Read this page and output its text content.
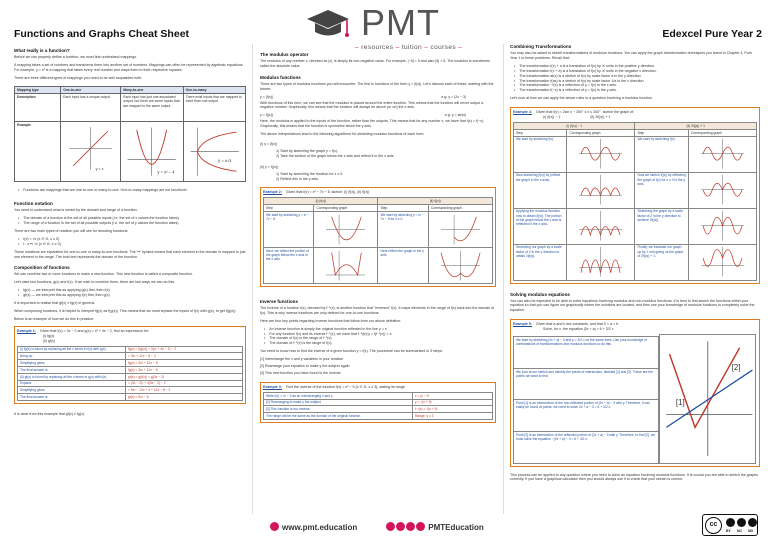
Functions and Graphs Cheat Sheet	Edexcel Pure Year 2
PMT
– resources – tuition – courses –
What really is a function?
Before we can properly define a function, we must first understand mappings.
A mapping takes a set of numbers and transforms them into another set of numbers. Mappings can often be represented by algebraic equations. For example, y = x² is a mapping that takes every real number and maps them to their respective squares.
There are three different types of mappings you need to be well acquainted with:
Mapping type	One-to-one	Many-to-one	One-to-many
Description	Each input has a unique output	Each input has just one associated output, but there are some inputs that are mapped to the same output.	There exist inputs that are mapped to more than one output
Example	y = x	y = x² − 4	y = ±√x
• Functions are mappings that are one-to-one or many-to-one. One-to-many mappings are not functions!
Function notation
You need to understand what is meant by the domain and range of a function:
• The domain of a function is the set of all possible inputs (i.e. the set of x values the function takes)
• The range of a function is the set of all possible outputs (i.e. the set of y values the function takes)
There are two main types of notation you will see for denoting functions:
• f(x) = √x {x ∈ ℝ, x ≥ 0}
• f : x ↦ √x {x ∈ ℝ, x ≥ 0}
These notations are equivalent for one-to-one or many-to-one functions. The '↦' symbol means that each element in the domain is mapped to just one element in the range. The bold text represents the domain of the function.
Composition of functions
We can combine two or more functions to make a new function. This new function is called a composite function.
Let's take two functions, g(x) and f(x). If we wish to combine them, there are two ways we can do this:
• fg(x) — we interpret this as applying g(x) first, then f(x)
• gf(x) — we interpret this as applying f(x) first, then g(x)
It is important to realise that gf(x) ≠ fg(x) in general.
When composing functions, it is helpful to interpret fg(x) as f(g(x)). This means that we must replace the inputs of f(x) with g(x), to get f(g(x)).
Below is an example of how we do this in practice:
Example 1: Given that f(x) = 3x − 2 and g(x) = x² + 4x − 2, find an expression for:
(i) fg(x)
(ii) gf(x)
(i) fg(x) is found by replacing all the x terms in f(x) with g(x).	fg(x) = f(g(x)) = 3(x² + 4x − 2) − 2
Bring up	= 3x² + 12x − 6 − 2
Simplifying gives	fg(x) = 3x² + 12x − 8
The final answer is	fg(x) = 3x² + 12x − 8
(ii) gf(x) is found by replacing all the x terms in g(x) with f(x).	gf(x) = g(f(x)) = g(3x − 2)
Expand	= (3x − 2)² + 4(3x − 2) − 2
Simplifying gives	= 9x² − 12x + 4 + 12x − 8 − 2
The final answer is	gf(x) = 9x² − 6
It is clear from this example that gf(x) ≠ fg(x).
The modulus operator
The modulus of any number x, denoted as |x|, is simply its non-negative value. For example, |−5| = 5 and also |5| = 5. The modulus is sometimes called the absolute value.
Modulus functions
There are two types of modulus functions you will encounter. The first is functions of the form y = |f(x)|. Let's discuss each of these, starting with the former.
y = |f(x)|	e.g. y = |2x − 3|
With functions of this form, we can see that the modulus is placed around the entire function. This means that the function will never output a negative number. Graphically, this means that the function will always be above (or on) the x axis.
y = f(|x|)	e.g. y = sin|x|
Here, the modulus is applied to the inputs of the function, rather than the outputs. This means that for any number x, we have that f(x) = f(−x). Graphically, this means that the function is symmetric about the y axis.
The above interpretations lead to the following algorithms for sketching modulus functions of each form:
(i) y = |f(x)|
1) Start by sketching the graph y = f(x).
2) Take the section of the graph below the x axis and reflect it in the x axis.
(ii) y = f(|x|)
1) Start by sketching the function for x ≥ 0.
2) Reflect this in the y axis.
Example 2: Given that f(x) = x² − 7x − 8, sketch: (i) |f(x)|, (ii) f(|x|)
(i) |f(x)|		(ii) f(|x|)	
Step	Corresponding graph	Step	Corresponding graph
We start by sketching y = x² − 7x − 8		We start by sketching y = x² − 7x − 8 for x ≥ 0.	

Next, we reflect the portion of the graph below the x axis in the x axis.		Here reflect the graph in the y axis.	
Inverse functions
The inverse of a function f(x), denoted by f⁻¹(x), is another function that "reverses" f(x). It maps elements in the range of f(x) back into the domain of f(x). This is why inverse functions are only defined for one-to-one functions.
Here are four key points regarding inverse functions that follow from our above definition:
• An inverse function is simply the original function reflected in the line y = x.
• For any function f(x) and its inverse f⁻¹(x), we have that f⁻¹(f(x)) = f(f⁻¹(x)) = x.
• The domain of f(x) is the range of f⁻¹(x).
• The domain of f⁻¹(x) is the range of f(x).
You need to know how to find the inverse of a given function y = f(x). The procedure can be summarised in 3 steps:
[1] Interchange the x and y variables in your function
[2] Rearrange your equation to make y the subject again
[3] This new function you have found is the inverse
Example 3: Find the inverse of the function f(x) = x² − 9 {x ∈ ℝ, x ≥ 3}, stating its range.
Write f(x) = x² − 9 as an interchanging x and y	x = y² − 9
[2] Rearranging to make y the subject	y = √(x + 9)
[3] This function is our inverse	f⁻¹(x) = √(x + 9)
The range will be the same as the domain of the original function	Range: y ≥ 3
Combining Transformations
You may also be asked to sketch transformations of modulus functions. You can apply the graph transformation techniques you learnt in Chapter 4, Pure Year 1 to these problems. Recall that:
• The transformation f(x) + a is a translation of f(x) by 'a' units in the positive y direction.
• The transformation f(x + a) is a translation of f(x) by 'a' units in the negative x direction.
• The transformation af(x) is a stretch of f(x) by scale factor a in the y direction.
• The transformation f(ax) is a stretch of f(x) by scale factor 1/a in the x direction.
• The transformation −f(x) is a reflection of y = f(x) in the x axis.
• The transformation f(−x) is a reflection of y = f(x) in the y axis.
Let's look at how we can apply the above rules to a question involving a modulus function.
Example 4: Given that f(x) = 2sin x − 300° ≤ x ≤ 300°, sketch the graph of:
(i) |f(x)| − 1	(ii) 2f(|x|) + 1
(i) |f(x)| − 1		(ii) 2f(|x|) + 1	
Step	Corresponding graph	Step	Corresponding graph
We start by sketching f(x).		We start by sketching f(x).	

Now sketching |f(x)| by (reflect the graph in the x axis).		Now we sketch f(|x|) by reflecting the graph of f(x) for x ≥ 0 in the y axis.	

Applying the modulus function now to obtain |f(x)|. The portion of the graph below the x axis is reflected in the x axis.		Stretching the graph by a scale factor of 2 in the y direction to achieve 2f(|x|).	

Stretching our graph by a scale factor of 2 in the y direction to obtain 2|f(x)|.		Finally, we translate our graph up by 1 unit giving us the graph of 2f(|x|) + 1.	
Solving modulus equations
You can also be expected to be able to solve equations involving modulus and non-modulus functions. It is best to first sketch the functions within your equation so that you can figure out graphically where the solutions are located, and then use your knowledge of modulus functions to completely solve the equation.
Example 5: Given that a and b are constants, and that 0 < a < b.
Solve, for x, the equation |2x + a| = 6 + 3/2 x
We start by sketching |2x + a| − 3 and y = 3/2 x on the same axes. Use your knowledge of combinations of transformations and modulus functions to do this.
We look at our sketch and identify the points of intersection, labelled [1] and [2]. These are the points we want to find.
Point [1] is an intersection of the non-reflected portion of |2x + a| − 3 with y. Therefore, it can easily be found at points, we need to solve 2x + a − 3 = 6 + 3/2 x.
Point [2] is an intersection of the reflected portion of |2x + a| − 3 with y. Therefore, to find [2], we must solve the equation −(2x + a) − 3 = 6 + 3/2 x.
[1]
[2]
This process can be applied to any question where you need to solve an equation involving modulus functions. It is crucial you are able to sketch the graphs correctly. If you have a graphical calculator then you should always use it to check that your sketch is correct.
www.pmt.education	PMTEducation	cc
BY NC ND
